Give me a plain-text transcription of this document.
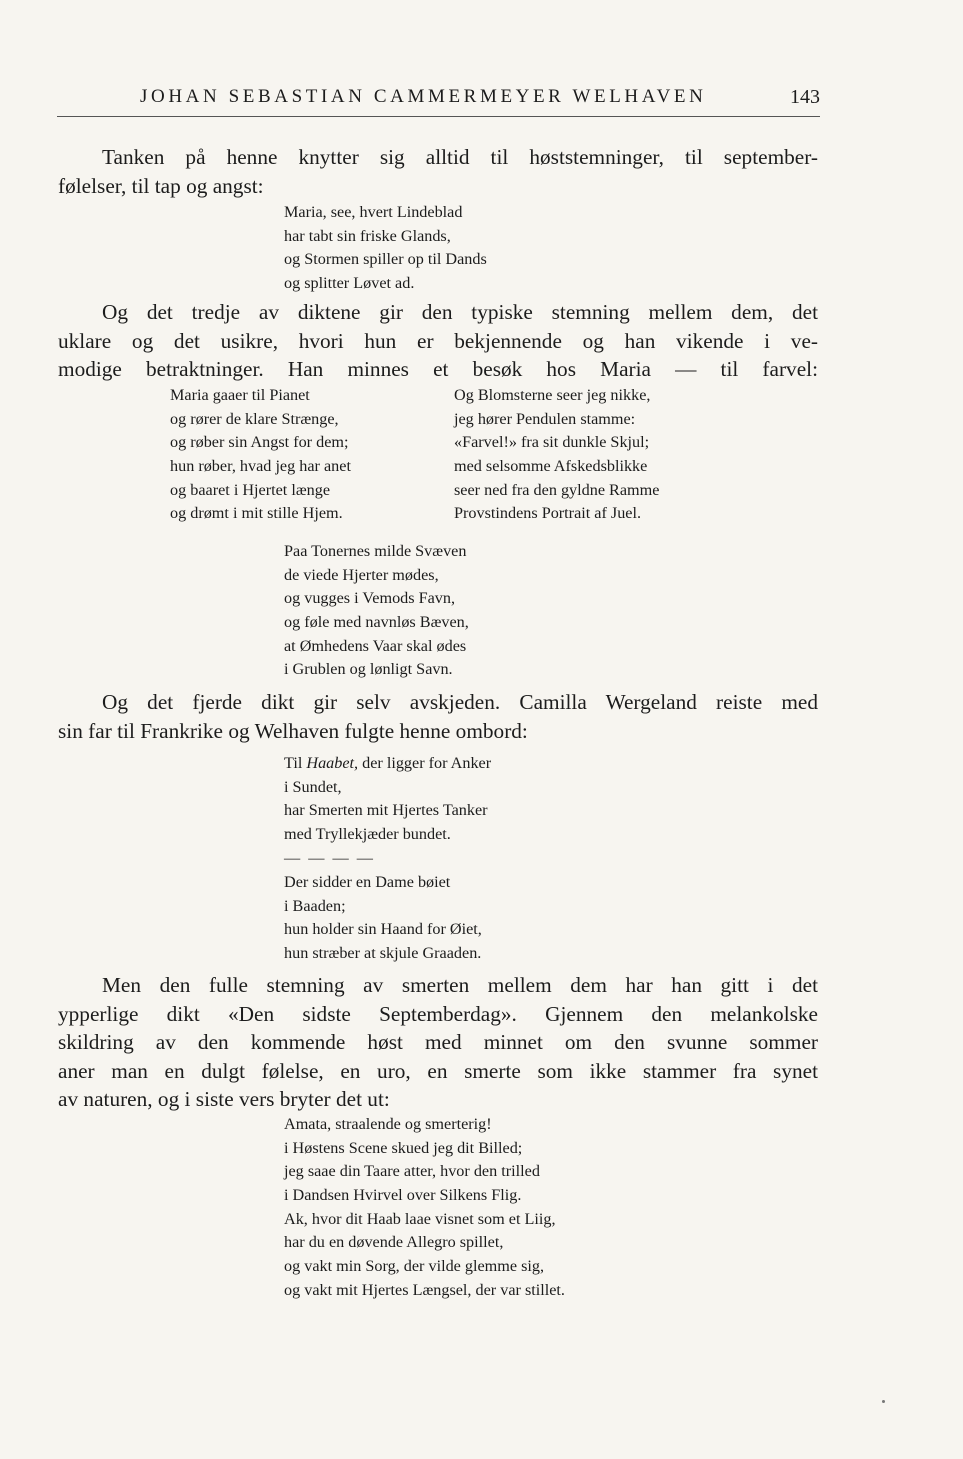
JOHAN SEBASTIAN CAMMERMEYER WELHAVEN	143
Tanken på henne knytter sig alltid til høststemninger, til september-
følelser, til tap og angst:
Maria, see, hvert Lindeblad
har tabt sin friske Glands,
og Stormen spiller op til Dands
og splitter Løvet ad.
Og det tredje av diktene gir den typiske stemning mellem dem, det
uklare og det usikre, hvori hun er bekjennende og han vikende i ve-
modige betraktninger. Han minnes et besøk hos Maria — til farvel:
Maria gaaer til Pianet
og rører de klare Strænge,
og røber sin Angst for dem;
hun røber, hvad jeg har anet
og baaret i Hjertet længe
og drømt i mit stille Hjem.
Og Blomsterne seer jeg nikke,
jeg hører Pendulen stamme:
«Farvel!» fra sit dunkle Skjul;
med selsomme Afskedsblikke
seer ned fra den gyldne Ramme
Provstindens Portrait af Juel.
Paa Tonernes milde Svæven
de viede Hjerter mødes,
og vugges i Vemods Favn,
og føle med navnløs Bæven,
at Ømhedens Vaar skal ødes
i Grublen og lønligt Savn.
Og det fjerde dikt gir selv avskjeden. Camilla Wergeland reiste med
sin far til Frankrike og Welhaven fulgte henne ombord:
Til Haabet, der ligger for Anker
i Sundet,
har Smerten mit Hjertes Tanker
med Tryllekjæder bundet.
— — — —
Der sidder en Dame bøiet
i Baaden;
hun holder sin Haand for Øiet,
hun stræber at skjule Graaden.
Men den fulle stemning av smerten mellem dem har han gitt i det
ypperlige dikt «Den sidste Septemberdag». Gjennem den melankolske
skildring av den kommende høst med minnet om den svunne sommer
aner man en dulgt følelse, en uro, en smerte som ikke stammer fra synet
av naturen, og i siste vers bryter det ut:
Amata, straalende og smerterig!
i Høstens Scene skued jeg dit Billed;
jeg saae din Taare atter, hvor den trilled
i Dandsen Hvirvel over Silkens Flig.
Ak, hvor dit Haab laae visnet som et Liig,
har du en døvende Allegro spillet,
og vakt min Sorg, der vilde glemme sig,
og vakt mit Hjertes Længsel, der var stillet.
